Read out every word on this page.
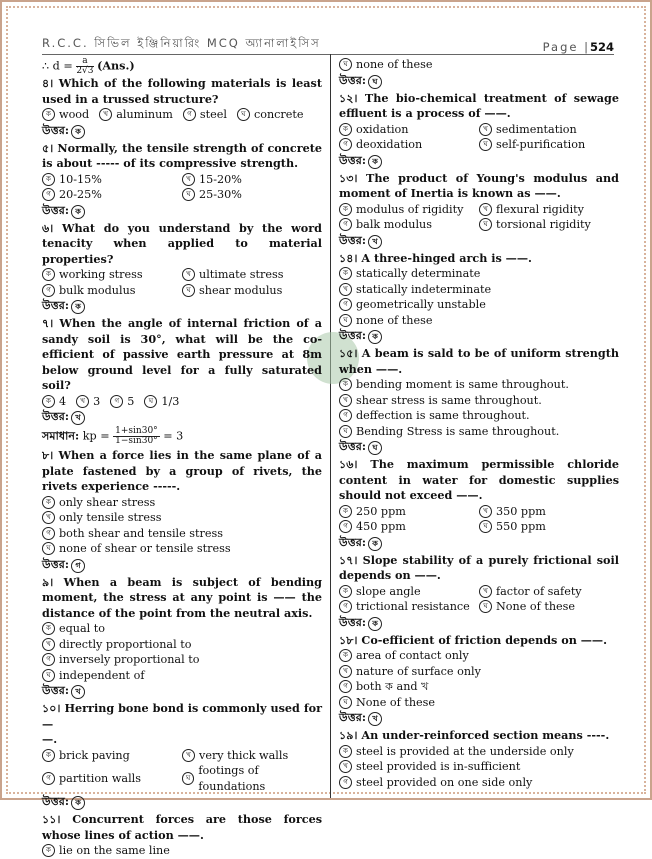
R.C.C. সিভিল ইঞ্জিনিয়ারিং MCQ অ্যানালাইসিস	Page |524
∴ $d = \frac{a}{2√3} (Ans.)$
৪। Which of the following materials is least used in a trussed structure?
ক wood	খ aluminum	গ steel	ঘ concrete
উত্তর: ক
৫। Normally, the tensile strength of concrete is about ----- of its compressive strength.
ক 10-15%	খ 15-20%
গ 20-25%	ঘ 25-30%
উত্তর: ক
৬। What do you understand by the word tenacity when applied to material properties?
ক working stress	খ ultimate stress
গ bulk modulus	ঘ shear modulus
উত্তর: ক
৭। When the angle of internal friction of a sandy soil is 30°, what will be the co-efficient of passive earth pressure at 8m below ground level for a fully saturated soil?
ক 4	খ 3	গ 5	ঘ 1/3
উত্তর: খ
সমাধান: kp = $\frac{1+\sin 30^\circ}{1-\sin 30^\circ} = 3$
৮। When a force lies in the same plane of a plate fastened by a group of rivets, the rivets experience -----.
ক only shear stress
খ only tensile stress
গ both shear and tensile stress
ঘ none of shear or tensile stress
উত্তর: গ
৯। When a beam is subject of bending moment, the stress at any point is —— the distance of the point from the neutral axis.
ক equal to
খ directly proportional to
গ inversely proportional to
ঘ independent of
উত্তর: খ
১০। Herring bone bond is commonly used for —
—.
ক brick paving	খ very thick walls
গ partition walls	ঘ
footings of foundations
উত্তর: ক
১১। Concurrent forces are those forces whose lines of action ——.
ক lie on the same line
ঘ none of these
উত্তর: ঘ
১২। The bio-chemical treatment of sewage effluent is a process of ——.
ক oxidation	খ sedimentation
গ deoxidation	ঘ self-purification
উত্তর: ক
১৩। The product of Young's modulus and moment of Inertia is known as ——.
ক modulus of rigidity	খ flexural rigidity
গ balk modulus	ঘ torsional rigidity
উত্তর: খ
১৪। A three-hinged arch is ——.
ক statically determinate
খ statically indeterminate
গ geometrically unstable
ঘ none of these
উত্তর: ক
১৫। A beam is sald to be of uniform strength when ——.
ক bending moment is same throughout.
খ shear stress is same throughout.
গ deffection is same throughout.
ঘ Bending Stress is same throughout.
উত্তর: ঘ
১৬। The maximum permissible chloride content in water for domestic supplies should not exceed ——.
ক 250 ppm	খ 350 ppm
গ 450 ppm	ঘ 550 ppm
উত্তর: ক
১৭। Slope stability of a purely frictional soil depends on ——.
ক slope angle	খ factor of safety
গ trictional resistance	ঘ None of these
উত্তর: ক
১৮। Co-efficient of friction depends on ——.
ক area of contact only
খ nature of surface only
গ both ক and খ
ঘ None of these
উত্তর: খ
১৯। An under-reinforced section means ----.
ক steel is provided at the underside only
খ steel provided is in-sufficient
গ steel provided on one side only
